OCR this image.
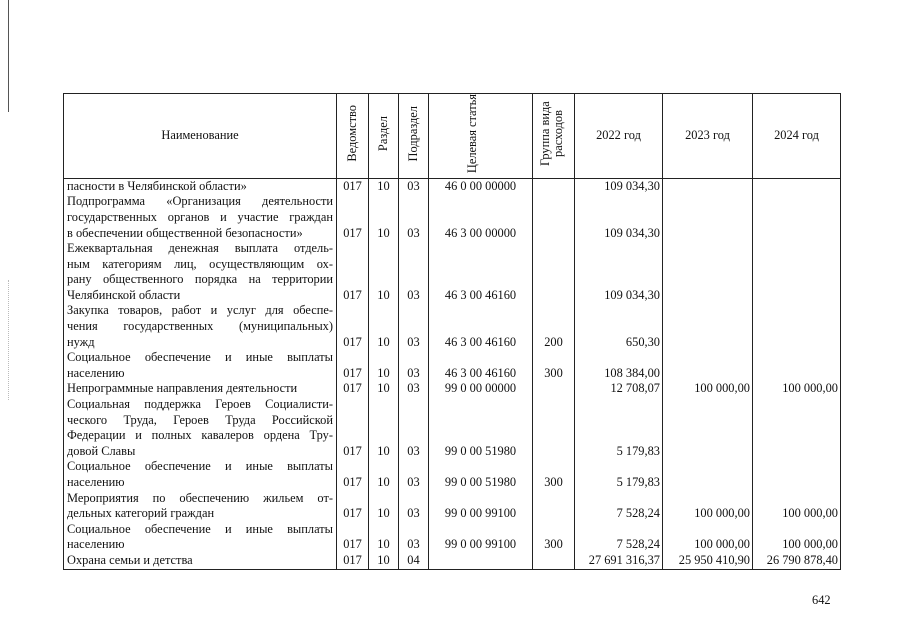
Наименование	Ведомство	Раздел	Подраздел	Целевая статья	Группа вида расходов	2022 год	2023 год	2024 год

пасности в Челябинской области»	017	10	03	46 0 00 00000		109 034,30		

Подпрограмма «Организация деятельности
государственных органов и участие граждан
в обеспечении общественной безопасности»	017	10	03	46 3 00 00000		109 034,30		

Ежеквартальная денежная выплата отдель-
ным категориям лиц, осуществляющим ох-
рану общественного порядка на территории
Челябинской области	017	10	03	46 3 00 46160		109 034,30		

Закупка товаров, работ и услуг для обеспе-
чения государственных (муниципальных)
нужд	017	10	03	46 3 00 46160	200	650,30		

Социальное обеспечение и иные выплаты
населению	017	10	03	46 3 00 46160	300	108 384,00		

Непрограммные направления деятельности	017	10	03	99 0 00 00000		12 708,07	100 000,00	100 000,00

Социальная поддержка Героев Социалисти-
ческого Труда, Героев Труда Российской
Федерации и полных кавалеров ордена Тру-
довой Славы	017	10	03	99 0 00 51980		5 179,83		

Социальное обеспечение и иные выплаты
населению	017	10	03	99 0 00 51980	300	5 179,83		

Мероприятия по обеспечению жильем от-
дельных категорий граждан	017	10	03	99 0 00 99100		7 528,24	100 000,00	100 000,00

Социальное обеспечение и иные выплаты
населению	017	10	03	99 0 00 99100	300	7 528,24	100 000,00	100 000,00

Охрана семьи и детства	017	10	04			27 691 316,37	25 950 410,90	26 790 878,40
642
